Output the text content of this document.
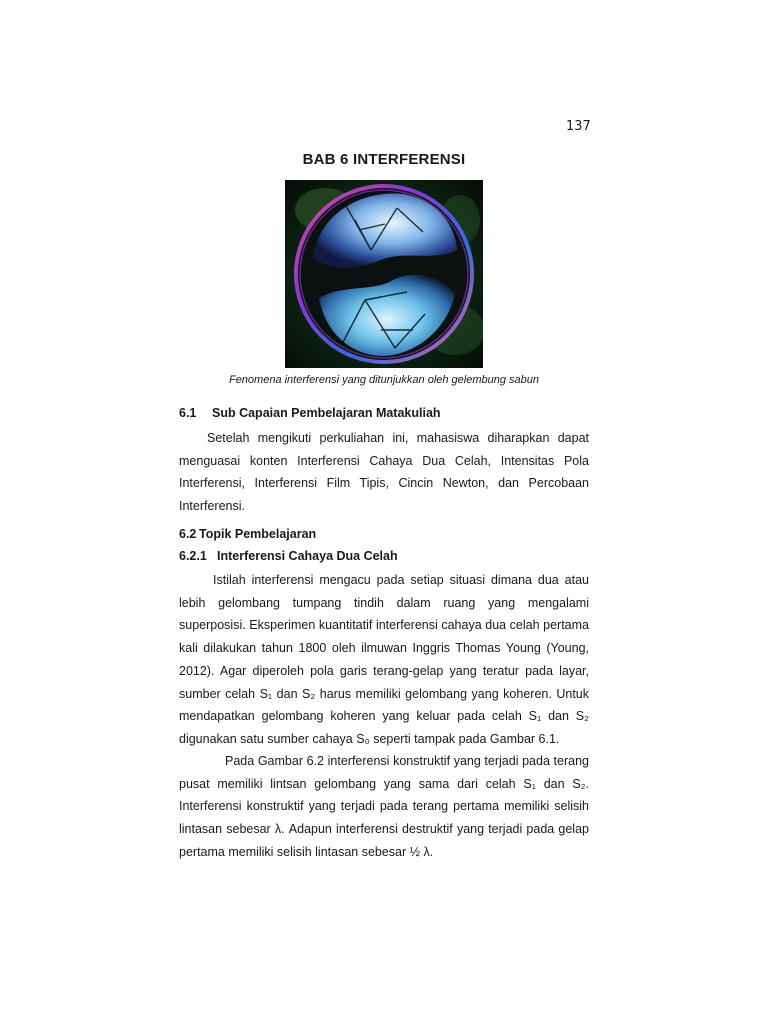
137
BAB 6 INTERFERENSI
Fenomena interferensi yang ditunjukkan oleh gelembung sabun
6.1 Sub Capaian Pembelajaran Matakuliah
Setelah mengikuti perkuliahan ini, mahasiswa diharapkan dapat
menguasai konten Interferensi Cahaya Dua Celah, Intensitas Pola
Interferensi, Interferensi Film Tipis, Cincin Newton, dan Percobaan
Interferensi.
6.2 Topik Pembelajaran
6.2.1 Interferensi Cahaya Dua Celah
Istilah interferensi mengacu pada setiap situasi dimana dua atau
lebih gelombang tumpang tindih dalam ruang yang mengalami
superposisi. Eksperimen kuantitatif interferensi cahaya dua celah pertama
kali dilakukan tahun 1800 oleh ilmuwan Inggris Thomas Young (Young,
2012). Agar diperoleh pola garis terang-gelap yang teratur pada layar,
sumber celah S₁ dan S₂ harus memiliki gelombang yang koheren. Untuk
mendapatkan gelombang koheren yang keluar pada celah S₁ dan S₂
digunakan satu sumber cahaya S₀ seperti tampak pada Gambar 6.1.
Pada Gambar 6.2 interferensi konstruktif yang terjadi pada terang
pusat memiliki lintsan gelombang yang sama dari celah S₁ dan S₂.
Interferensi konstruktif yang terjadi pada terang pertama memiliki selisih
lintasan sebesar λ. Adapun interferensi destruktif yang terjadi pada gelap
pertama memiliki selisih lintasan sebesar ½ λ.
